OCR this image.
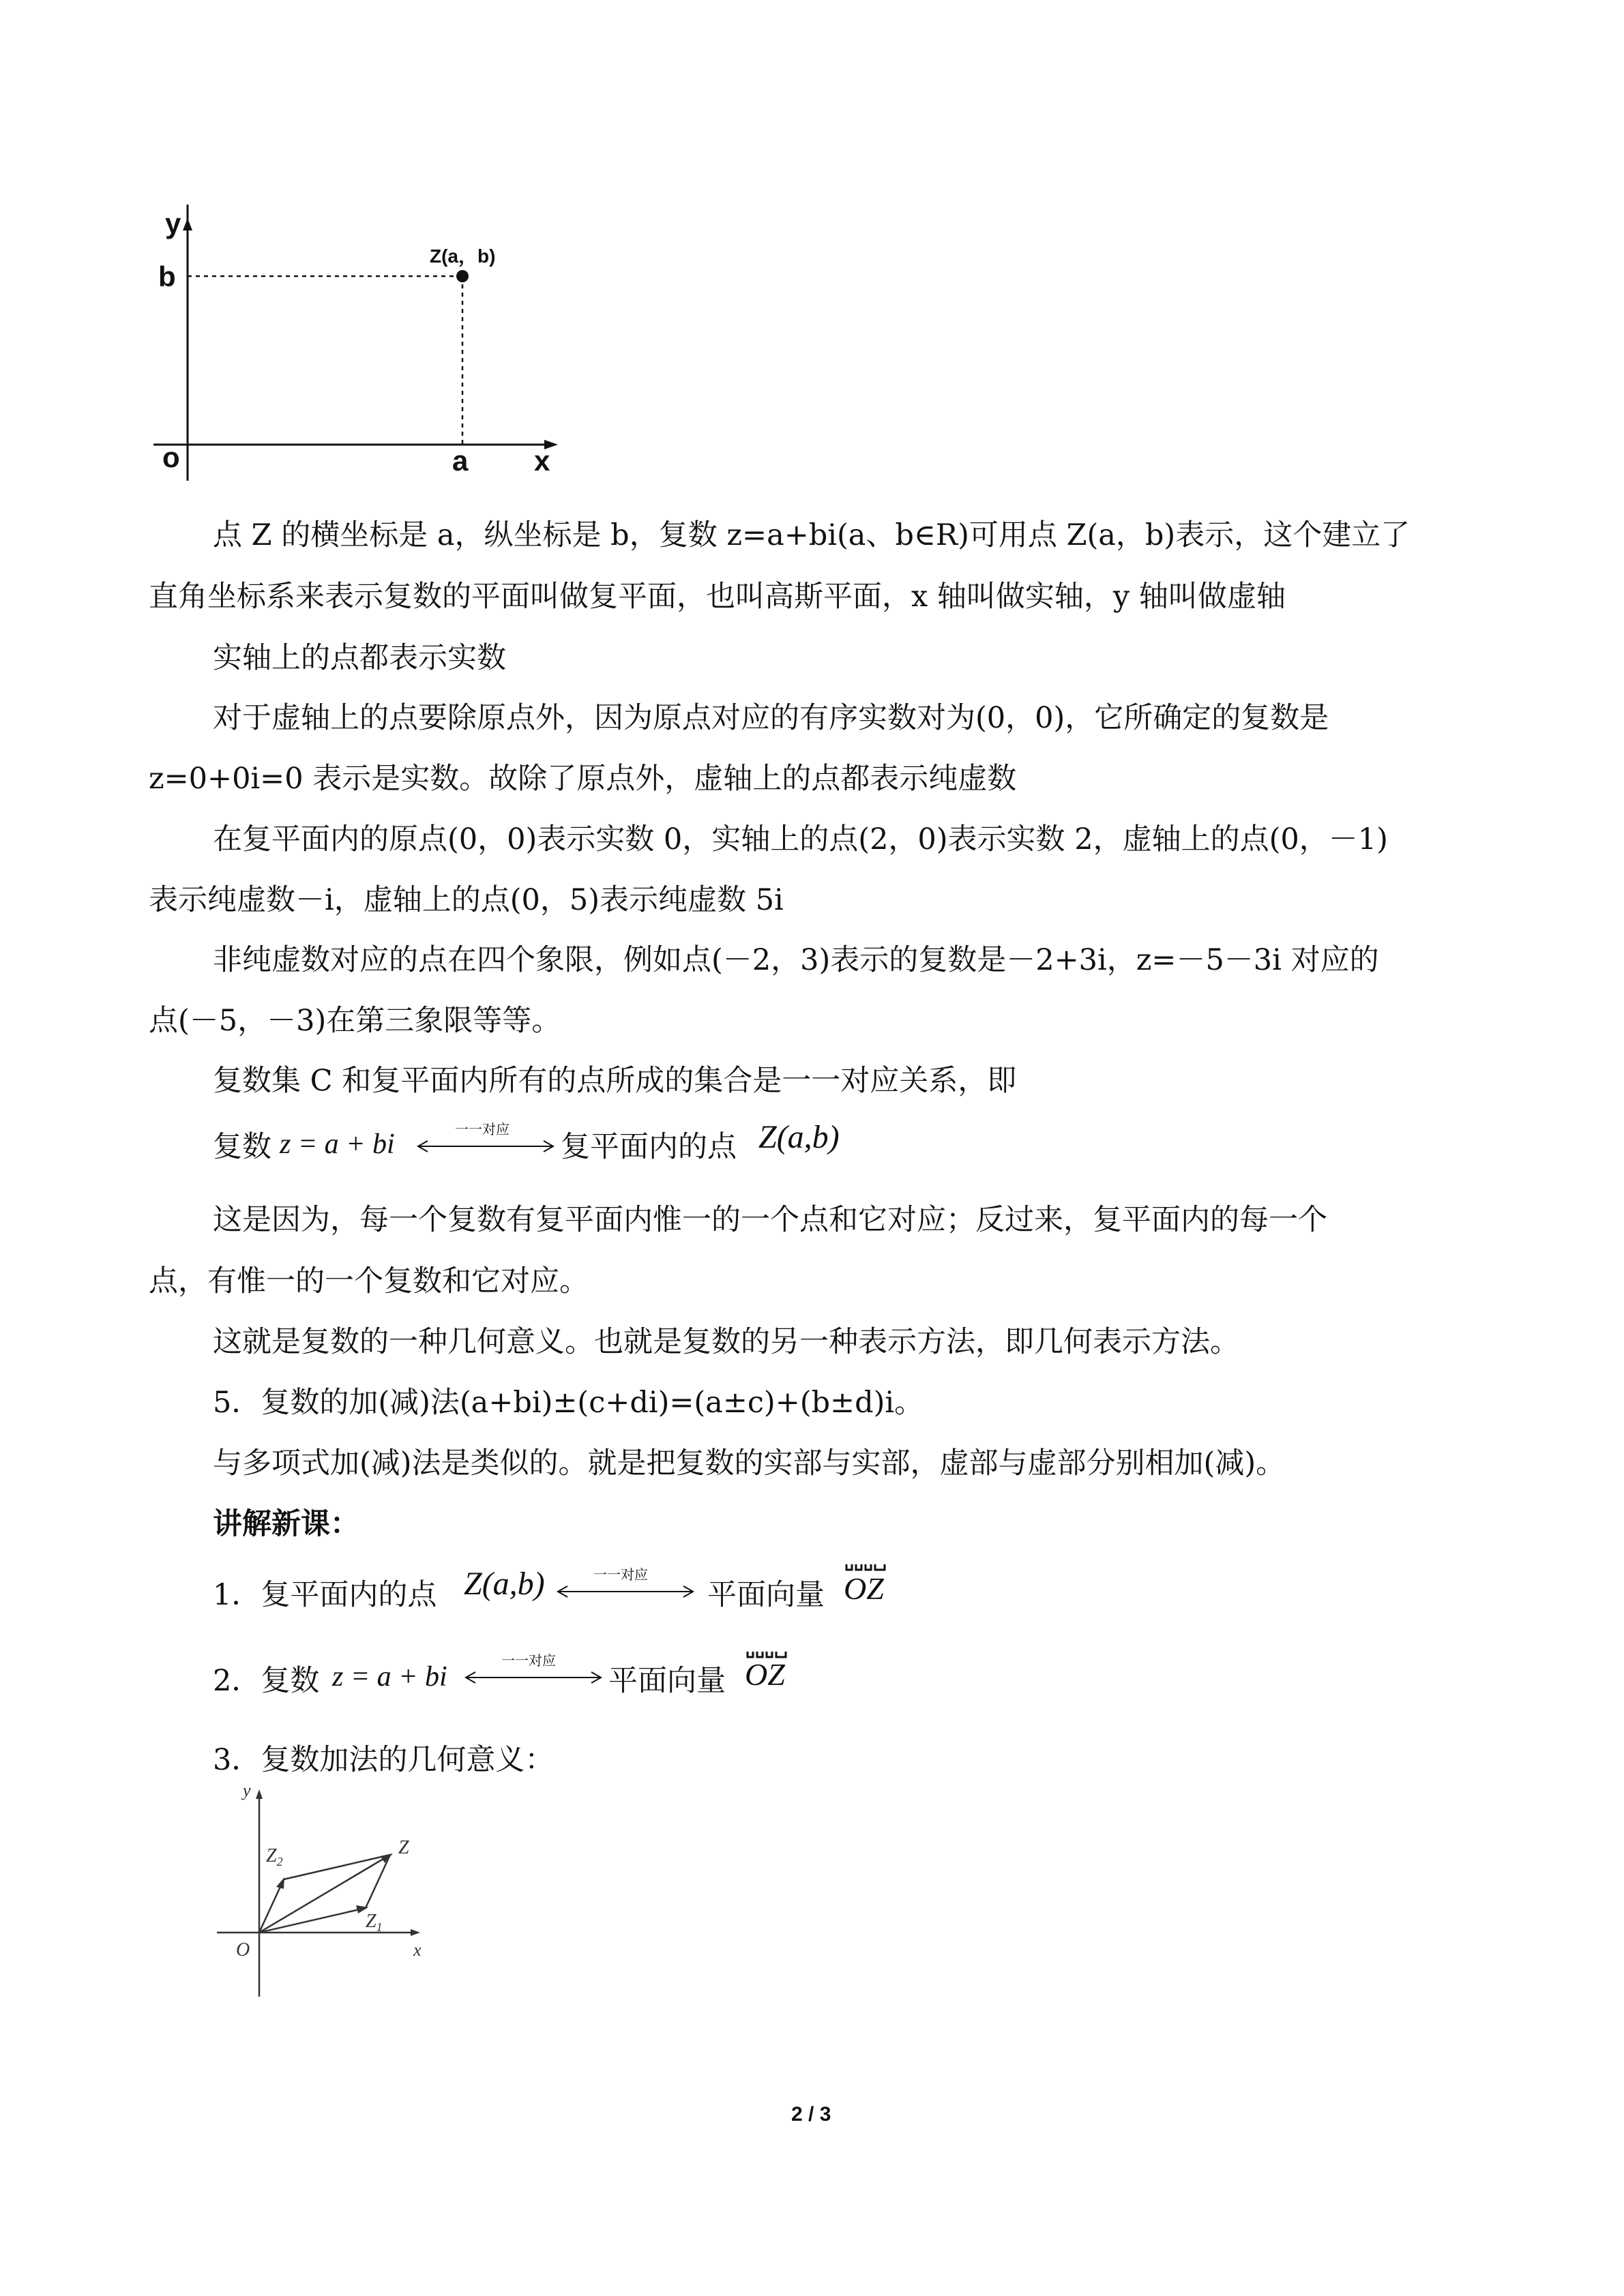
y
b
Z(a，b)
o	a x
点 Z 的横坐标是 a，纵坐标是 b，复数 z=a+bi(a、b∈R)可用点 Z(a，b)表示，这个建立了
直角坐标系来表示复数的平面叫做复平面，也叫高斯平面，x 轴叫做实轴，y 轴叫做虚轴
实轴上的点都表示实数
对于虚轴上的点要除原点外，因为原点对应的有序实数对为(0，0)，它所确定的复数是
z=0+0i=0 表示是实数。故除了原点外，虚轴上的点都表示纯虚数
在复平面内的原点(0，0)表示实数 0，实轴上的点(2，0)表示实数 2，虚轴上的点(0，－1)
表示纯虚数－i，虚轴上的点(0，5)表示纯虚数 5i
非纯虚数对应的点在四个象限，例如点(－2，3)表示的复数是－2+3i，z=－5－3i 对应的
点(－5，－3)在第三象限等等。
复数集 C 和复平面内所有的点所成的集合是一一对应关系，即
复数 z = a + bi	一一对应
复平面内的点 Z(a,b)
这是因为，每一个复数有复平面内惟一的一个点和它对应；反过来，复平面内的每一个
点，有惟一的一个复数和它对应。
这就是复数的一种几何意义。也就是复数的另一种表示方法，即几何表示方法。
5．复数的加(减)法(a+bi)±(c+di)=(a±c)+(b±d)i。
与多项式加(减)法是类似的。就是把复数的实部与实部，虚部与虚部分别相加(减)。
讲解新课：
1．复平面内的点 Z(a,b)	一一对应
平面向量 OZ
2．复数 z = a + bi
一一对应
平面向量 OZ
3．复数加法的几何意义：
y
$Z_2$
Z
$Z_1$
O	x
2 / 3
